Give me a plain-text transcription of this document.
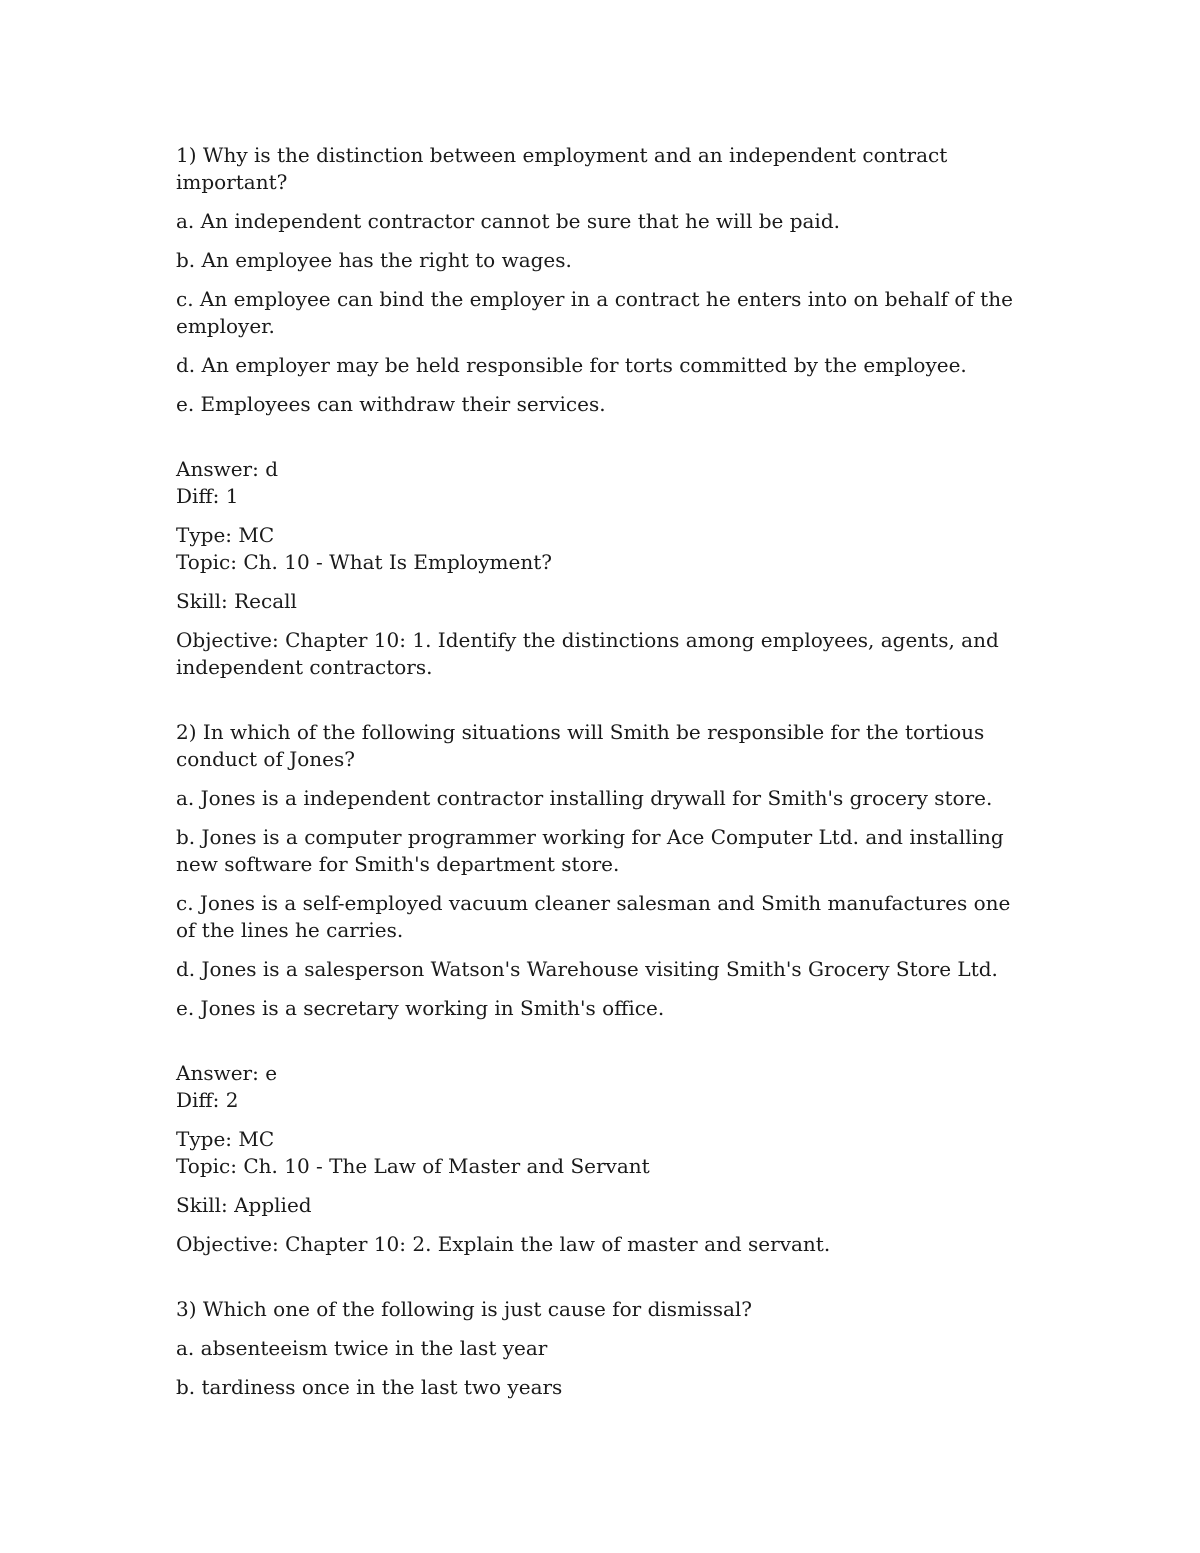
1) Why is the distinction between employment and an independent contract important?

a. An independent contractor cannot be sure that he will be paid.

b. An employee has the right to wages.

c. An employee can bind the employer in a contract he enters into on behalf of the employer.

d. An employer may be held responsible for torts committed by the employee.

e. Employees can withdraw their services.

Answer: d
Diff: 1
Type: MC
Topic: Ch. 10 - What Is Employment?

Skill: Recall

Objective: Chapter 10: 1. Identify the distinctions among employees, agents, and independent contractors.

2) In which of the following situations will Smith be responsible for the tortious conduct of Jones?

a. Jones is a independent contractor installing drywall for Smith's grocery store.

b. Jones is a computer programmer working for Ace Computer Ltd. and installing new software for Smith's department store.

c. Jones is a self-employed vacuum cleaner salesman and Smith manufactures one of the lines he carries.

d. Jones is a salesperson Watson's Warehouse visiting Smith's Grocery Store Ltd.

e. Jones is a secretary working in Smith's office.

Answer: e
Diff: 2
Type: MC
Topic: Ch. 10 - The Law of Master and Servant

Skill: Applied

Objective: Chapter 10: 2. Explain the law of master and servant.

3) Which one of the following is just cause for dismissal?

a. absenteeism twice in the last year

b. tardiness once in the last two years
